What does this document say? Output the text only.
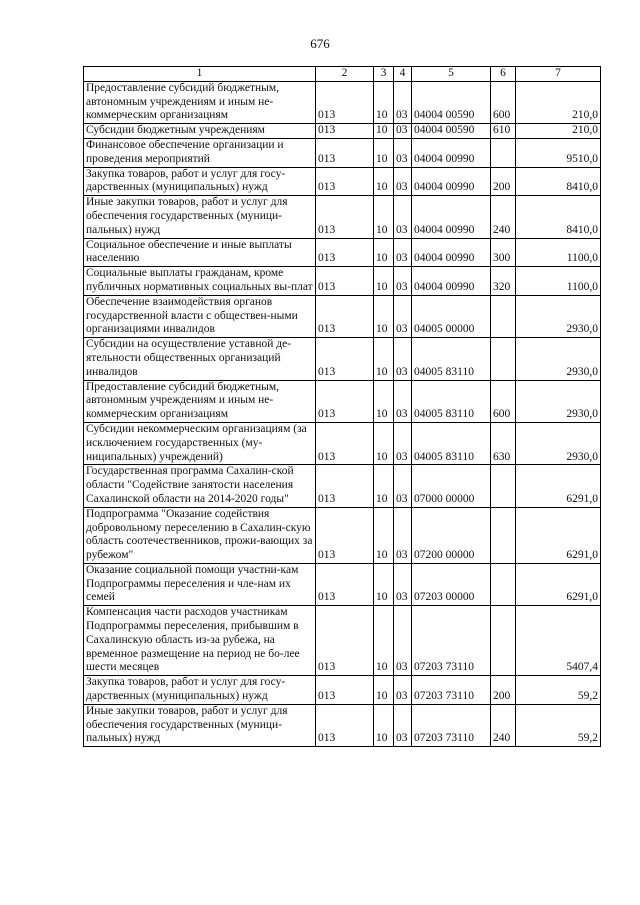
676
1	2	3	4	5	6	7
Предоставление субсидий бюджетным, автономным учреждениям и иным не-коммерческим организациям	013	10	03	04004 00590	600	210,0
Субсидии бюджетным учреждениям	013	10	03	04004 00590	610	210,0
Финансовое обеспечение организации и проведения мероприятий	013	10	03	04004 00990		9510,0
Закупка товаров, работ и услуг для госу-дарственных (муниципальных) нужд	013	10	03	04004 00990	200	8410,0
Иные закупки товаров, работ и услуг для обеспечения государственных (муници-пальных) нужд	013	10	03	04004 00990	240	8410,0
Социальное обеспечение и иные выплаты населению	013	10	03	04004 00990	300	1100,0
Социальные выплаты гражданам, кроме публичных нормативных социальных вы-плат	013	10	03	04004 00990	320	1100,0
Обеспечение взаимодействия органов государственной власти с обществен-ными организациями инвалидов	013	10	03	04005 00000		2930,0
Субсидии на осуществление уставной де-ятельности общественных организаций инвалидов	013	10	03	04005 83110		2930,0
Предоставление субсидий бюджетным, автономным учреждениям и иным не-коммерческим организациям	013	10	03	04005 83110	600	2930,0
Субсидии некоммерческим организациям (за исключением государственных (му-ниципальных) учреждений)	013	10	03	04005 83110	630	2930,0
Государственная программа Сахалин-ской области "Содействие занятости населения Сахалинской области на 2014-2020 годы"	013	10	03	07000 00000		6291,0
Подпрограмма "Оказание содействия добровольному переселению в Сахалин-скую область соотечественников, прожи-вающих за рубежом"	013	10	03	07200 00000		6291,0
Оказание социальной помощи участни-кам Подпрограммы переселения и чле-нам их семей	013	10	03	07203 00000		6291,0
Компенсация части расходов участникам Подпрограммы переселения, прибывшим в Сахалинскую область из-за рубежа, на временное размещение на период не бо-лее шести месяцев	013	10	03	07203 73110		5407,4
Закупка товаров, работ и услуг для госу-дарственных (муниципальных) нужд	013	10	03	07203 73110	200	59,2
Иные закупки товаров, работ и услуг для обеспечения государственных (муници-пальных) нужд	013	10	03	07203 73110	240	59,2
